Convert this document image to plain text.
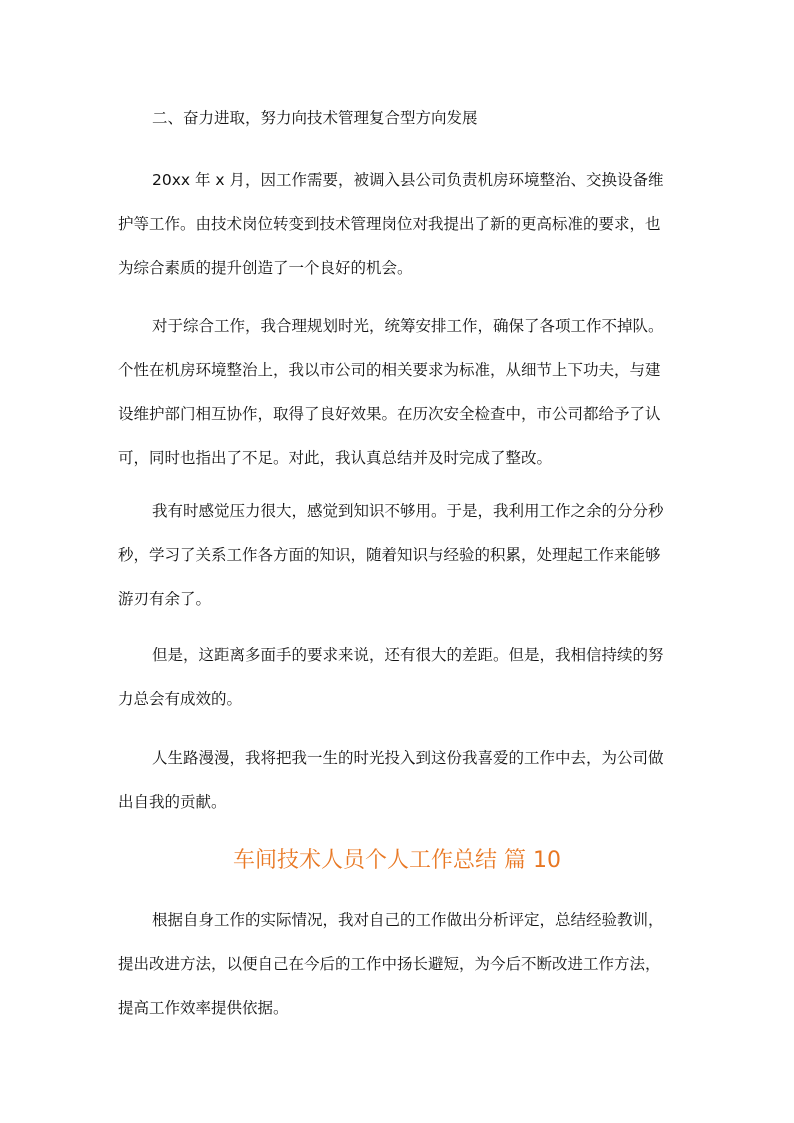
二、奋力进取，努力向技术管理复合型方向发展

20xx 年 x 月，因工作需要，被调入县公司负责机房环境整治、交换设备维
护等工作。由技术岗位转变到技术管理岗位对我提出了新的更高标准的要求，也
为综合素质的提升创造了一个良好的机会。
对于综合工作，我合理规划时光，统筹安排工作，确保了各项工作不掉队。
个性在机房环境整治上，我以市公司的相关要求为标准，从细节上下功夫，与建
设维护部门相互协作，取得了良好效果。在历次安全检查中，市公司都给予了认
可，同时也指出了不足。对此，我认真总结并及时完成了整改。
我有时感觉压力很大，感觉到知识不够用。于是，我利用工作之余的分分秒
秒，学习了关系工作各方面的知识，随着知识与经验的积累，处理起工作来能够
游刃有余了。
但是，这距离多面手的要求来说，还有很大的差距。但是，我相信持续的努
力总会有成效的。
人生路漫漫，我将把我一生的时光投入到这份我喜爱的工作中去，为公司做
出自我的贡献。
车间技术人员个人工作总结 篇 10
根据自身工作的实际情况，我对自己的工作做出分析评定，总结经验教训，
提出改进方法，以便自己在今后的工作中扬长避短，为今后不断改进工作方法，
提高工作效率提供依据。
